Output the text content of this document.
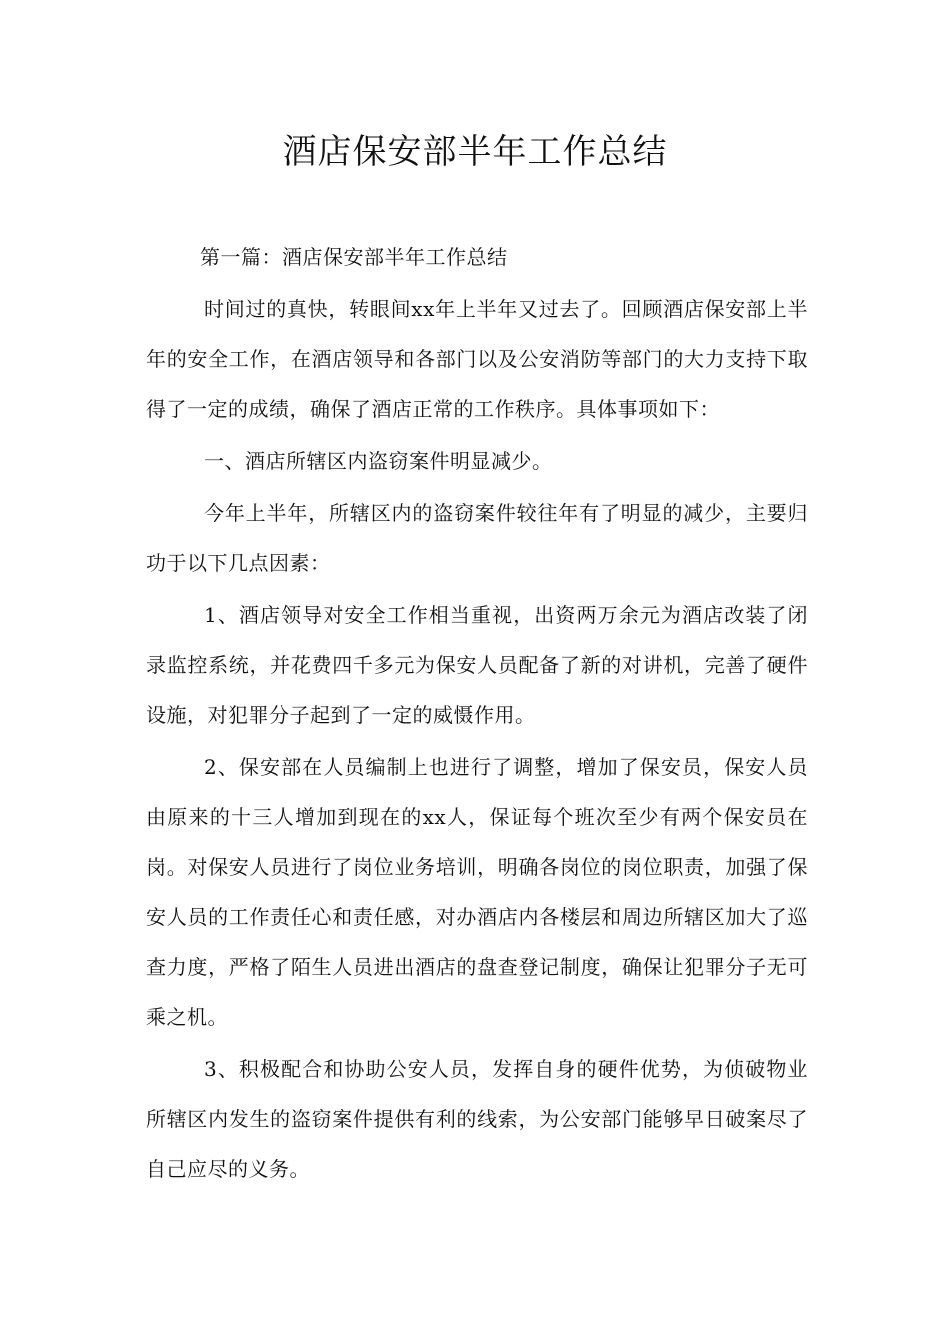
酒店保安部半年工作总结

第一篇：酒店保安部半年工作总结

时间过的真快，转眼间xx年上半年又过去了。回顾酒店保安部上半年的安全工作，在酒店领导和各部门以及公安消防等部门的大力支持下取得了一定的成绩，确保了酒店正常的工作秩序。具体事项如下：

一、酒店所辖区内盗窃案件明显减少。

今年上半年，所辖区内的盗窃案件较往年有了明显的减少，主要归功于以下几点因素：

1、酒店领导对安全工作相当重视，出资两万余元为酒店改装了闭录监控系统，并花费四千多元为保安人员配备了新的对讲机，完善了硬件设施，对犯罪分子起到了一定的威慑作用。

2、保安部在人员编制上也进行了调整，增加了保安员，保安人员由原来的十三人增加到现在的xx人，保证每个班次至少有两个保安员在岗。对保安人员进行了岗位业务培训，明确各岗位的岗位职责，加强了保安人员的工作责任心和责任感，对办酒店内各楼层和周边所辖区加大了巡查力度，严格了陌生人员进出酒店的盘查登记制度，确保让犯罪分子无可乘之机。

3、积极配合和协助公安人员，发挥自身的硬件优势，为侦破物业所辖区内发生的盗窃案件提供有利的线索，为公安部门能够早日破案尽了自己应尽的义务。
